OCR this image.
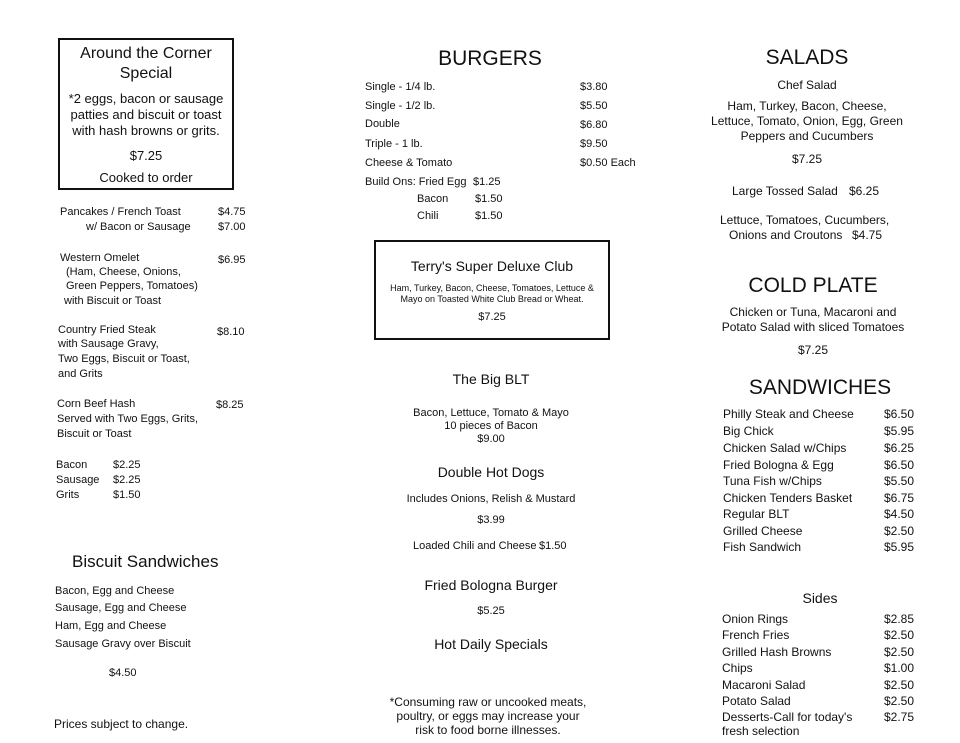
Around the Corner
Special
*2 eggs, bacon or sausage
patties and biscuit or toast
with hash browns or grits.
$7.25
Cooked to order
Pancakes / French Toast	$4.75
w/ Bacon or Sausage $7.00
Western Omelet
(Ham, Cheese, Onions,
Green Peppers, Tomatoes)
with Biscuit or Toast
$6.95
Country Fried Steak
with Sausage Gravy,
Two Eggs, Biscuit or Toast,
and Grits
$8.10
Corn Beef Hash
Served with Two Eggs, Grits,
Biscuit or Toast
$8.25
Bacon $2.25
Sausage $2.25
Grits	$1.50
Biscuit Sandwiches
Bacon, Egg and Cheese
Sausage, Egg and Cheese
Ham, Egg and Cheese
Sausage Gravy over Biscuit
$4.50
Prices subject to change.
BURGERS
Single - 1/4 lb.	$3.80
Single - 1/2 lb.	$5.50
Double	$6.80
Triple - 1 lb.	$9.50
Cheese & Tomato	$0.50 Each
Build Ons: Fried Egg $1.25
Bacon $1.50
Chili	$1.50
Terry's Super Deluxe Club
Ham, Turkey, Bacon, Cheese, Tomatoes, Lettuce &
Mayo on Toasted White Club Bread or Wheat.
$7.25
The Big BLT
Bacon, Lettuce, Tomato & Mayo
10 pieces of Bacon
$9.00
Double Hot Dogs
Includes Onions, Relish & Mustard
$3.99
Loaded Chili and Cheese $1.50
Fried Bologna Burger
$5.25
Hot Daily Specials
*Consuming raw or uncooked meats,
poultry, or eggs may increase your
risk to food borne illnesses.
SALADS
Chef Salad
Ham, Turkey, Bacon, Cheese,
Lettuce, Tomato, Onion, Egg, Green
Peppers and Cucumbers
$7.25
Large Tossed Salad $6.25
Lettuce, Tomatoes, Cucumbers,
Onions and Croutons $4.75
COLD PLATE
Chicken or Tuna, Macaroni and
Potato Salad with sliced Tomatoes
$7.25
SANDWICHES
Philly Steak and Cheese	$6.50
Big Chick	$5.95
Chicken Salad w/Chips	$6.25
Fried Bologna & Egg	$6.50
Tuna Fish w/Chips	$5.50
Chicken Tenders Basket	$6.75
Regular BLT	$4.50
Grilled Cheese	$2.50
Fish Sandwich	$5.95
Sides
Onion Rings	$2.85
French Fries	$2.50
Grilled Hash Browns	$2.50
Chips	$1.00
Macaroni Salad	$2.50
Potato Salad	$2.50
Desserts-Call for today's	$2.75
fresh selection
